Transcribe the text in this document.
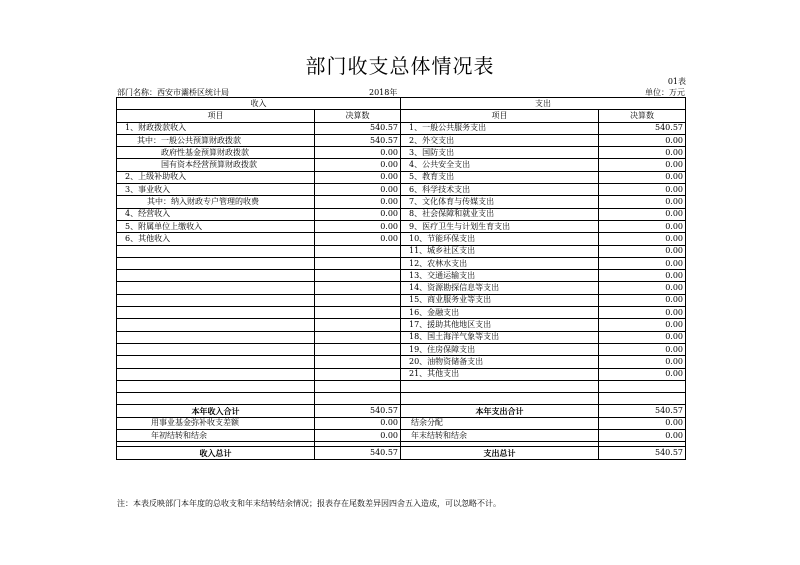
部门收支总体情况表
01表
部门名称：西安市灞桥区统计局	2018年	单位：万元
收入		支出	
项目	决算数	项目	决算数
1、财政拨款收入	540.57	1、一般公共服务支出	540.57
其中：一般公共预算财政拨款	540.57	2、外交支出	0.00
政府性基金预算财政拨款	0.00	3、国防支出	0.00
国有资本经营预算财政拨款	0.00	4、公共安全支出	0.00
2、上级补助收入	0.00	5、教育支出	0.00
3、事业收入	0.00	6、科学技术支出	0.00
其中：纳入财政专户管理的收费	0.00	7、文化体育与传媒支出	0.00
4、经营收入	0.00	8、社会保障和就业支出	0.00
5、附属单位上缴收入	0.00	9、医疗卫生与计划生育支出	0.00
6、其他收入	0.00	10、节能环保支出	0.00
		11、城乡社区支出	0.00
		12、农林水支出	0.00
		13、交通运输支出	0.00
		14、资源勘探信息等支出	0.00
		15、商业服务业等支出	0.00
		16、金融支出	0.00
		17、援助其他地区支出	0.00
		18、国土海洋气象等支出	0.00
		19、住房保障支出	0.00
		20、油物资储备支出	0.00
		21、其他支出	0.00

本年收入合计	540.57	本年支出合计	540.57
用事业基金弥补收支差额	0.00	结余分配	0.00
年初结转和结余	0.00	年末结转和结余	0.00

收入总计	540.57	支出总计	540.57
注：本表反映部门本年度的总收支和年末结转结余情况；报表存在尾数差异因四舍五入造成，可以忽略不计。
